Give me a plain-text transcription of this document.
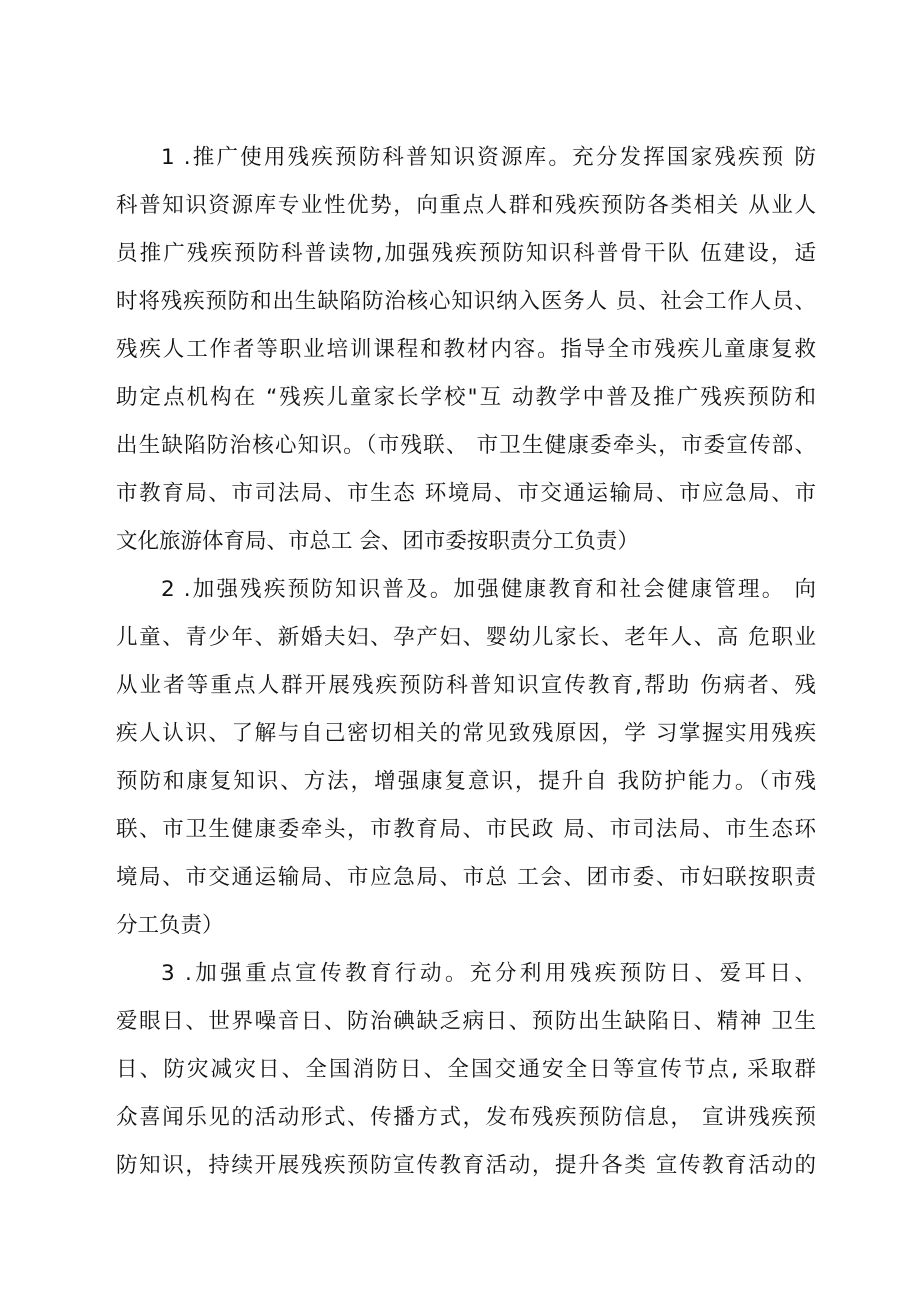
1 .推广使用残疾预防科普知识资源库。充分发挥国家残疾预 防

科普知识资源库专业性优势，向重点人群和残疾预防各类相关 从业人

员推广残疾预防科普读物,加强残疾预防知识科普骨干队 伍建设，适

时将残疾预防和出生缺陷防治核心知识纳入医务人 员、社会工作人员、

残疾人工作者等职业培训课程和教材内容。指导全市残疾儿童康复救

助定点机构在 “残疾儿童家长学校"互 动教学中普及推广残疾预防和

出生缺陷防治核心知识。（市残联、 市卫生健康委牵头，市委宣传部、

市教育局、市司法局、市生态 环境局、市交通运输局、市应急局、市

文化旅游体育局、市总工 会、团市委按职责分工负责）

2 .加强残疾预防知识普及。加强健康教育和社会健康管理。 向

儿童、青少年、新婚夫妇、孕产妇、婴幼儿家长、老年人、高 危职业

从业者等重点人群开展残疾预防科普知识宣传教育,帮助 伤病者、残

疾人认识、了解与自己密切相关的常见致残原因，学 习掌握实用残疾

预防和康复知识、方法，增强康复意识，提升自 我防护能力。（市残

联、市卫生健康委牵头，市教育局、市民政 局、市司法局、市生态环

境局、市交通运输局、市应急局、市总 工会、团市委、市妇联按职责

分工负责）

3 .加强重点宣传教育行动。充分利用残疾预防日、爱耳日、

爱眼日、世界噪音日、防治碘缺乏病日、预防出生缺陷日、精神 卫生

日、防灾减灾日、全国消防日、全国交通安全日等宣传节点, 采取群

众喜闻乐见的活动形式、传播方式，发布残疾预防信息， 宣讲残疾预

防知识，持续开展残疾预防宣传教育活动，提升各类 宣传教育活动的
